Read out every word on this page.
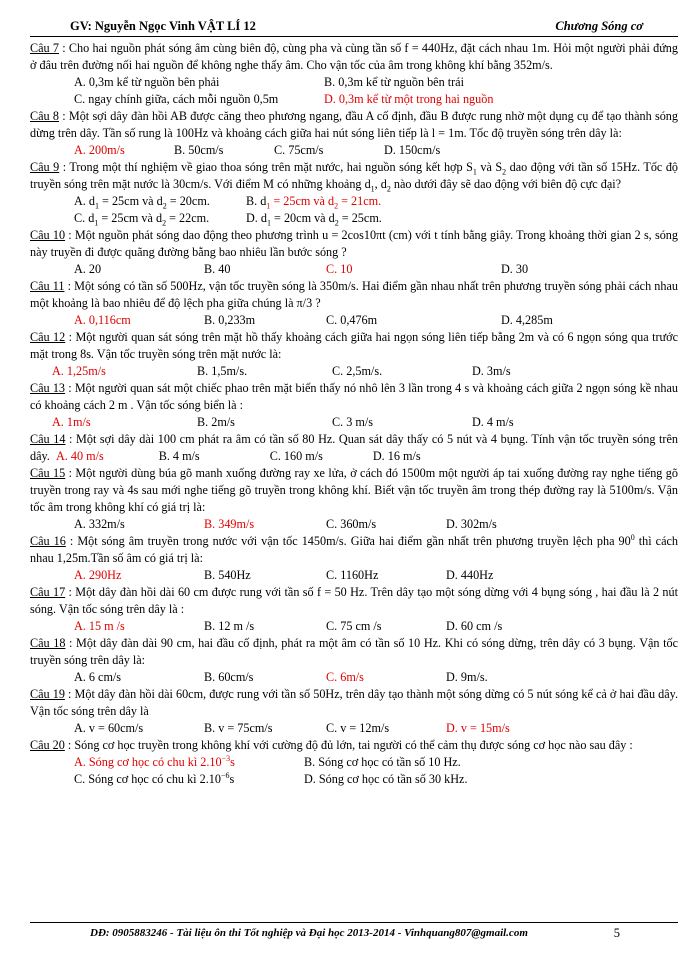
GV: Nguyễn Ngọc Vinh VẬT LÍ 12	Chương Sóng cơ

Câu 7 : Cho hai nguồn phát sóng âm cùng biên độ, cùng pha và cùng tần số f = 440Hz, đặt cách nhau 1m. Hỏi một người phải đứng ở đâu trên đường nối hai nguồn để không nghe thấy âm. Cho vận tốc của âm trong không khí bằng 352m/s.

A. 0,3m kể từ nguồn bên phải	B. 0,3m kể từ nguồn bên trái
C. ngay chính giữa, cách mỗi nguồn 0,5m	D. 0,3m kể từ một trong hai nguồn

Câu 8 : Một sợi dây đàn hồi AB được căng theo phương ngang, đầu A cố định, đầu B được rung nhờ một dụng cụ để tạo thành sóng dừng trên dây. Tần số rung là 100Hz và khoảng cách giữa hai nút sóng liên tiếp là l = 1m. Tốc độ truyền sóng trên dây là:

A. 200m/s	B. 50cm/s	C. 75cm/s	D. 150cm/s

Câu 9 : Trong một thí nghiệm về giao thoa sóng trên mặt nước, hai nguồn sóng kết hợp $S_1$ và $S_2$ dao động với tần số 15Hz. Tốc độ truyền sóng trên mặt nước là 30cm/s. Với điểm M có những khoảng $d_1$, $d_2$ nào dưới đây sẽ dao động với biên độ cực đại?

A. $d_1 = 25cm$ và $d_2 = 20cm$.	B. $d_1 = 25cm$ và $d_2 = 21cm$.
C. $d_1 = 25cm$ và $d_2 = 22cm$.	D. $d_1 = 20cm$ và $d_2 = 25cm$.

Câu 10 : Một nguồn phát sóng dao động theo phương trình u = 2cos10πt (cm) với t tính bằng giây. Trong khoảng thời gian 2 s, sóng này truyền đi được quãng đường bằng bao nhiêu lần bước sóng ?

A. 20	B. 40	C. 10	D. 30

Câu 11 : Một sóng có tần số 500Hz, vận tốc truyền sóng là 350m/s. Hai điểm gần nhau nhất trên phương truyền sóng phải cách nhau một khoảng là bao nhiêu để độ lệch pha giữa chúng là π/3 ?

A. 0,116cm	B. 0,233m	C. 0,476m	D. 4,285m

Câu 12 : Một người quan sát sóng trên mặt hồ thấy khoảng cách giữa hai ngọn sóng liên tiếp bằng 2m và có 6 ngọn sóng qua trước mặt trong 8s. Vận tốc truyền sóng trên mặt nước là:

A. 1,25m/s	B. 1,5m/s.	C. 2,5m/s.	D. 3m/s

Câu 13 : Một người quan sát một chiếc phao trên mặt biển thấy nó nhô lên 3 lần trong 4 s và khoảng cách giữa 2 ngọn sóng kề nhau có khoảng cách 2 m . Vận tốc sóng biển là :

A. 1m/s	B. 2m/s	C. 3 m/s	D. 4 m/s

Câu 14 : Một sợi dây dài 100 cm phát ra âm có tần số 80 Hz. Quan sát dây thấy có 5 nút và 4 bụng. Tính vận tốc truyền sóng trên dây. A. 40 m/s	B. 4 m/s	C. 160 m/s	D. 16 m/s

Câu 15 : Một người dùng búa gõ manh xuống đường ray xe lửa, ở cách đó 1500m một người áp tai xuống đường ray nghe tiếng gõ truyền trong ray và 4s sau mới nghe tiếng gõ truyền trong không khí. Biết vận tốc truyền âm trong thép đường ray là 5100m/s. Vận tốc âm trong không khí có giá trị là:

A. 332m/s	B. 349m/s	C. 360m/s	D. 302m/s

Câu 16 : Một sóng âm truyền trong nước với vận tốc 1450m/s. Giữa hai điểm gần nhất trên phương truyền lệch pha $90^0$ thì cách nhau 1,25m.Tần số âm có giá trị là:

A. 290Hz	B. 540Hz	C. 1160Hz	D. 440Hz

Câu 17 : Một dây đàn hồi dài 60 cm được rung với tần số f = 50 Hz. Trên dây tạo một sóng dừng với 4 bụng sóng , hai đầu là 2 nút sóng. Vận tốc sóng trên dây là :

A. 15 m /s	B. 12 m /s	C. 75 cm /s	D. 60 cm /s

Câu 18 : Một dây đàn dài 90 cm, hai đầu cố định, phát ra một âm có tần số 10 Hz. Khi có sóng dừng, trên dây có 3 bụng. Vận tốc truyền sóng trên dây là:

A. 6 cm/s	B. 60cm/s	C. 6m/s	D. 9m/s.

Câu 19 : Một dây đàn hồi dài 60cm, được rung với tần số 50Hz, trên dây tạo thành một sóng dừng có 5 nút sóng kể cả ở hai đầu dây. Vận tốc sóng trên dây là

A. v = 60cm/s	B. v = 75cm/s	C. v = 12m/s	D. v = 15m/s

Câu 20 : Sóng cơ học truyền trong không khí với cường độ đủ lớn, tai người có thể cảm thụ được sóng cơ học nào sau đây :

A. Sóng cơ học có chu kì $2.10^{-3}s$	B. Sóng cơ học có tần số 10 Hz.
C. Sóng cơ học có chu kì $2.10^{-6}s$	D. Sóng cơ học có tần số 30 kHz.
DĐ: 0905883246 - Tài liệu ôn thi Tốt nghiệp và Đại học 2013-2014 - Vinhquang807@gmail.com	5
